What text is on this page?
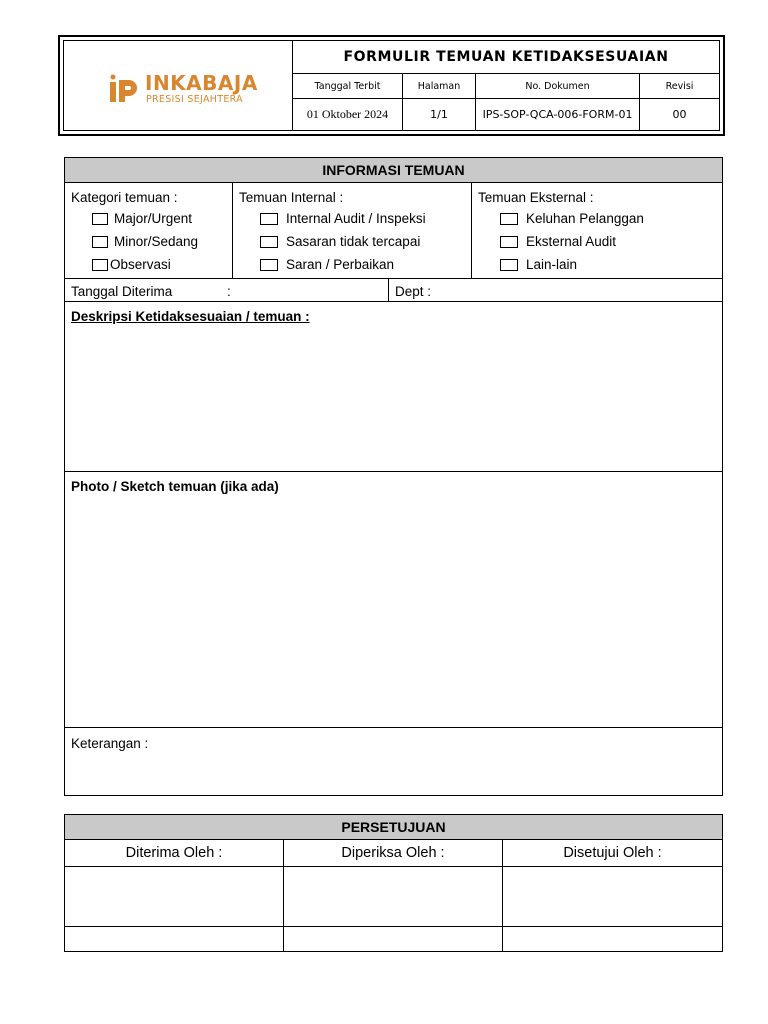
INKABAJA
PRESISI SEJAHTERA
FORMULIR TEMUAN KETIDAKSESUAIAN
Tanggal Terbit	Halaman	No. Dokumen	Revisi
01 Oktober 2024	1/1	IPS-SOP-QCA-006-FORM-01	00
INFORMASI TEMUAN
Kategori temuan :
Major/Urgent
Minor/Sedang
Observasi
Temuan Internal :
Internal Audit / Inspeksi
Sasaran tidak tercapai
Saran / Perbaikan
Temuan Eksternal :
Keluhan Pelanggan
Eksternal Audit
Lain-lain
Tanggal Diterima	:	Dept :
Deskripsi Ketidaksesuaian / temuan :
Photo / Sketch temuan (jika ada)
Keterangan :
PERSETUJUAN
Diterima Oleh :	Diperiksa Oleh :	Disetujui Oleh :
